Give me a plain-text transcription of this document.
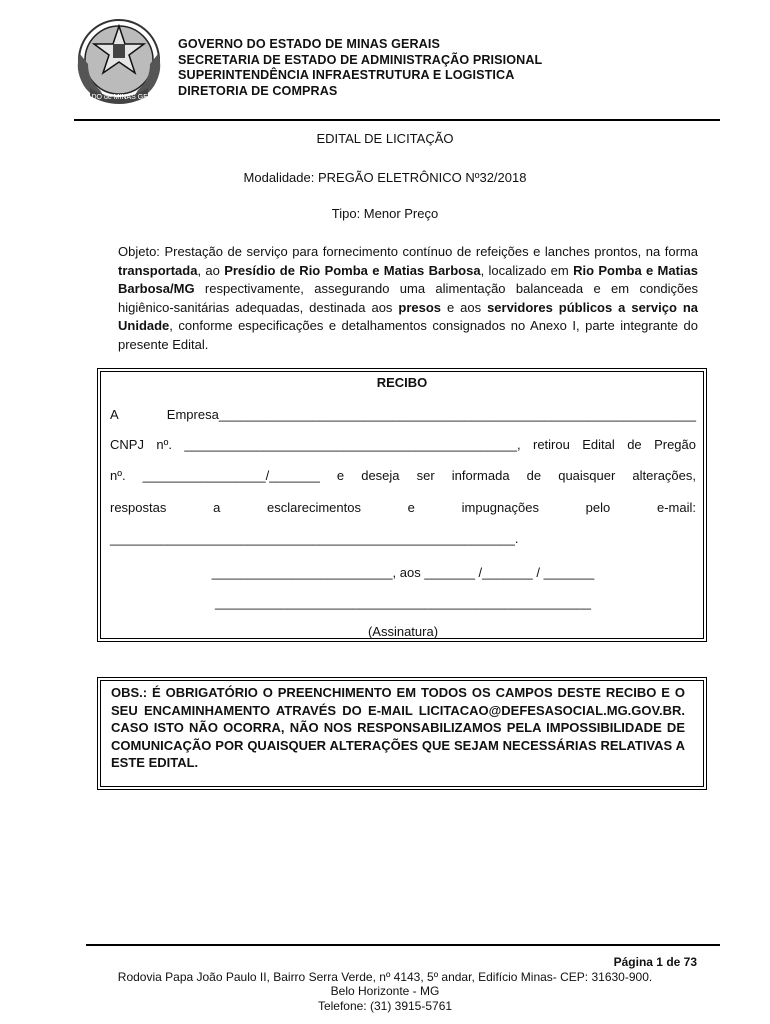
ESTADO de MINAS GERAIS
GOVERNO DO ESTADO DE MINAS GERAIS
SECRETARIA DE ESTADO DE ADMINISTRAÇÃO PRISIONAL
SUPERINTENDÊNCIA INFRAESTRUTURA E LOGISTICA
DIRETORIA DE COMPRAS
EDITAL DE LICITAÇÃO
Modalidade: PREGÃO ELETRÔNICO Nº32/2018
Tipo: Menor Preço
Objeto: Prestação de serviço para fornecimento contínuo de refeições e lanches prontos, na forma transportada, ao Presídio de Rio Pomba e Matias Barbosa, localizado em Rio Pomba e Matias Barbosa/MG respectivamente, assegurando uma alimentação balanceada e em condições higiênico-sanitárias adequadas, destinada aos presos e aos servidores públicos a serviço na Unidade, conforme especificações e detalhamentos consignados no Anexo I, parte integrante do presente Edital.
RECIBO
A Empresa__________________________________________________________________
CNPJ nº. ______________________________________________, retirou Edital de Pregão
nº. _________________/_______ e deseja ser informada de quaisquer alterações,
respostas a esclarecimentos e impugnações pelo e-mail:
________________________________________________________.
_________________________, aos _______ /_______ / _______
____________________________________________________
(Assinatura)
OBS.: É OBRIGATÓRIO O PREENCHIMENTO EM TODOS OS CAMPOS DESTE RECIBO E O SEU ENCAMINHAMENTO ATRAVÉS DO E-MAIL LICITACAO@DEFESASOCIAL.MG.GOV.BR. CASO ISTO NÃO OCORRA, NÃO NOS RESPONSABILIZAMOS PELA IMPOSSIBILIDADE DE COMUNICAÇÃO POR QUAISQUER ALTERAÇÕES QUE SEJAM NECESSÁRIAS RELATIVAS A ESTE EDITAL.
Página 1 de 73
Rodovia Papa João Paulo II, Bairro Serra Verde, nº 4143, 5º andar, Edifício Minas- CEP: 31630-900.
Belo Horizonte - MG
Telefone: (31) 3915-5761
